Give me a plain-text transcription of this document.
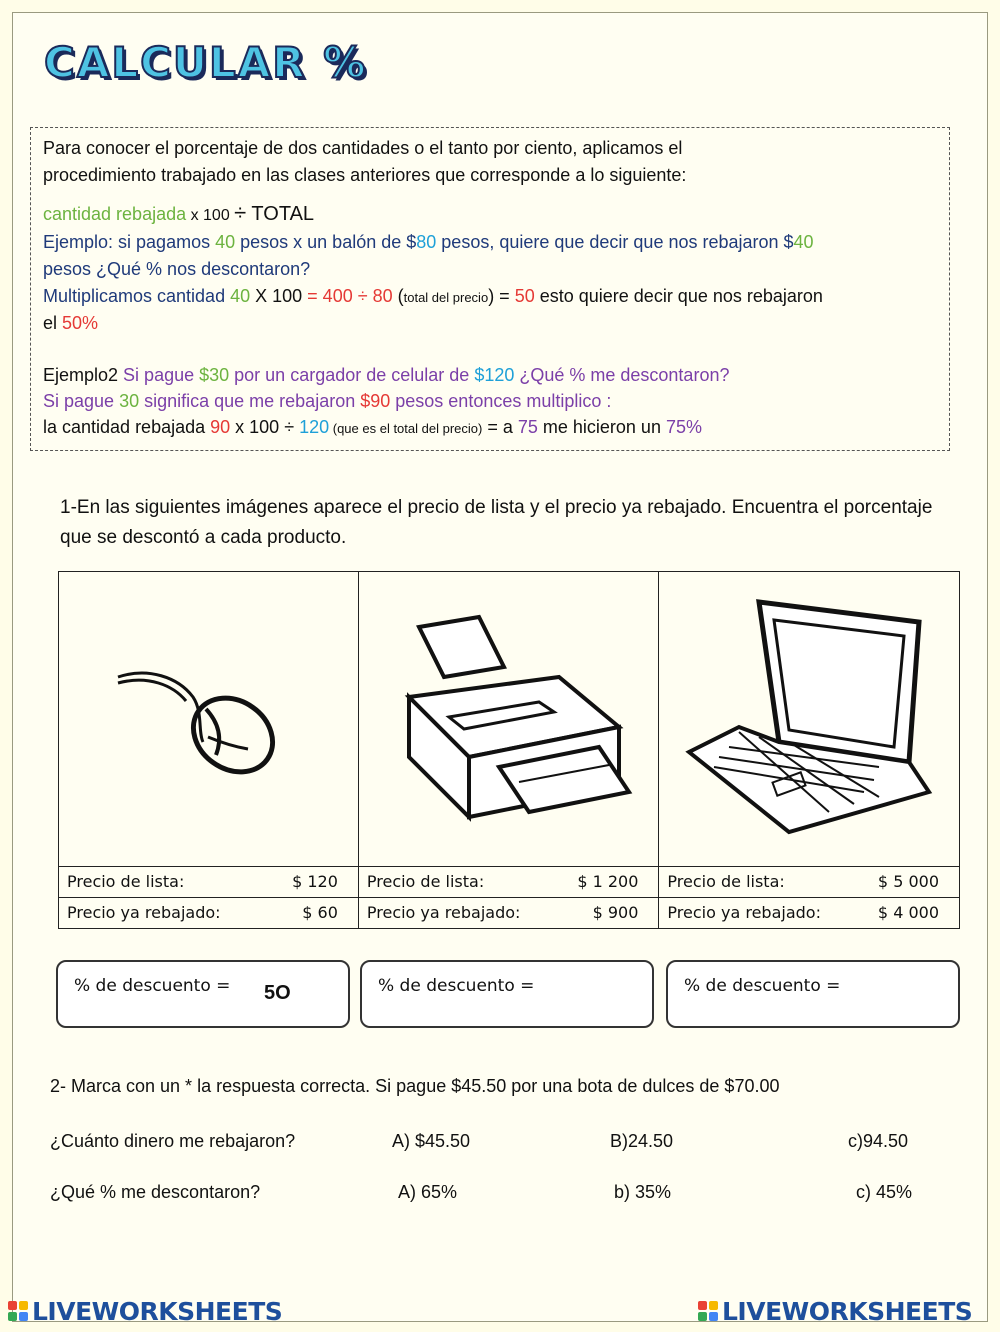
CALCULAR %
Para conocer el porcentaje de dos cantidades o el tanto por ciento, aplicamos el
procedimiento trabajado en las clases anteriores que corresponde a lo siguiente:
cantidad rebajada x 100 ÷ TOTAL
Ejemplo: si pagamos 40 pesos x un balón de $80 pesos, quiere que decir que nos rebajaron $40
pesos ¿Qué % nos descontaron?
Multiplicamos cantidad 40 X 100 = 400 ÷ 80 (total del precio) = 50 esto quiere decir que nos rebajaron
el 50%
Ejemplo2 Si pague $30 por un cargador de celular de $120 ¿Qué % me descontaron?
Si pague 30 significa que me rebajaron $90 pesos entonces multiplico :
la cantidad rebajada 90 x 100 ÷ 120 (que es el total del precio) = a 75 me hicieron un 75%
1-En las siguientes imágenes aparece el precio de lista y el precio ya rebajado. Encuentra el porcentaje que se descontó a cada producto.

Precio de lista: $ 120	Precio de lista: $ 1 200	Precio de lista: $ 5 000

Precio ya rebajado: $ 60	Precio ya rebajado: $ 900	Precio ya rebajado: $ 4 000
% de descuento = 5O	% de descuento =	% de descuento =
2- Marca con un * la respuesta correcta. Si pague $45.50 por una bota de dulces de $70.00
¿Cuánto dinero me rebajaron?	A) $45.50	B)24.50	c)94.50
¿Qué % me descontaron?	A) 65%	b) 35%	c) 45%
LIVEWORKSHEETS	LIVEWORKSHEETS
